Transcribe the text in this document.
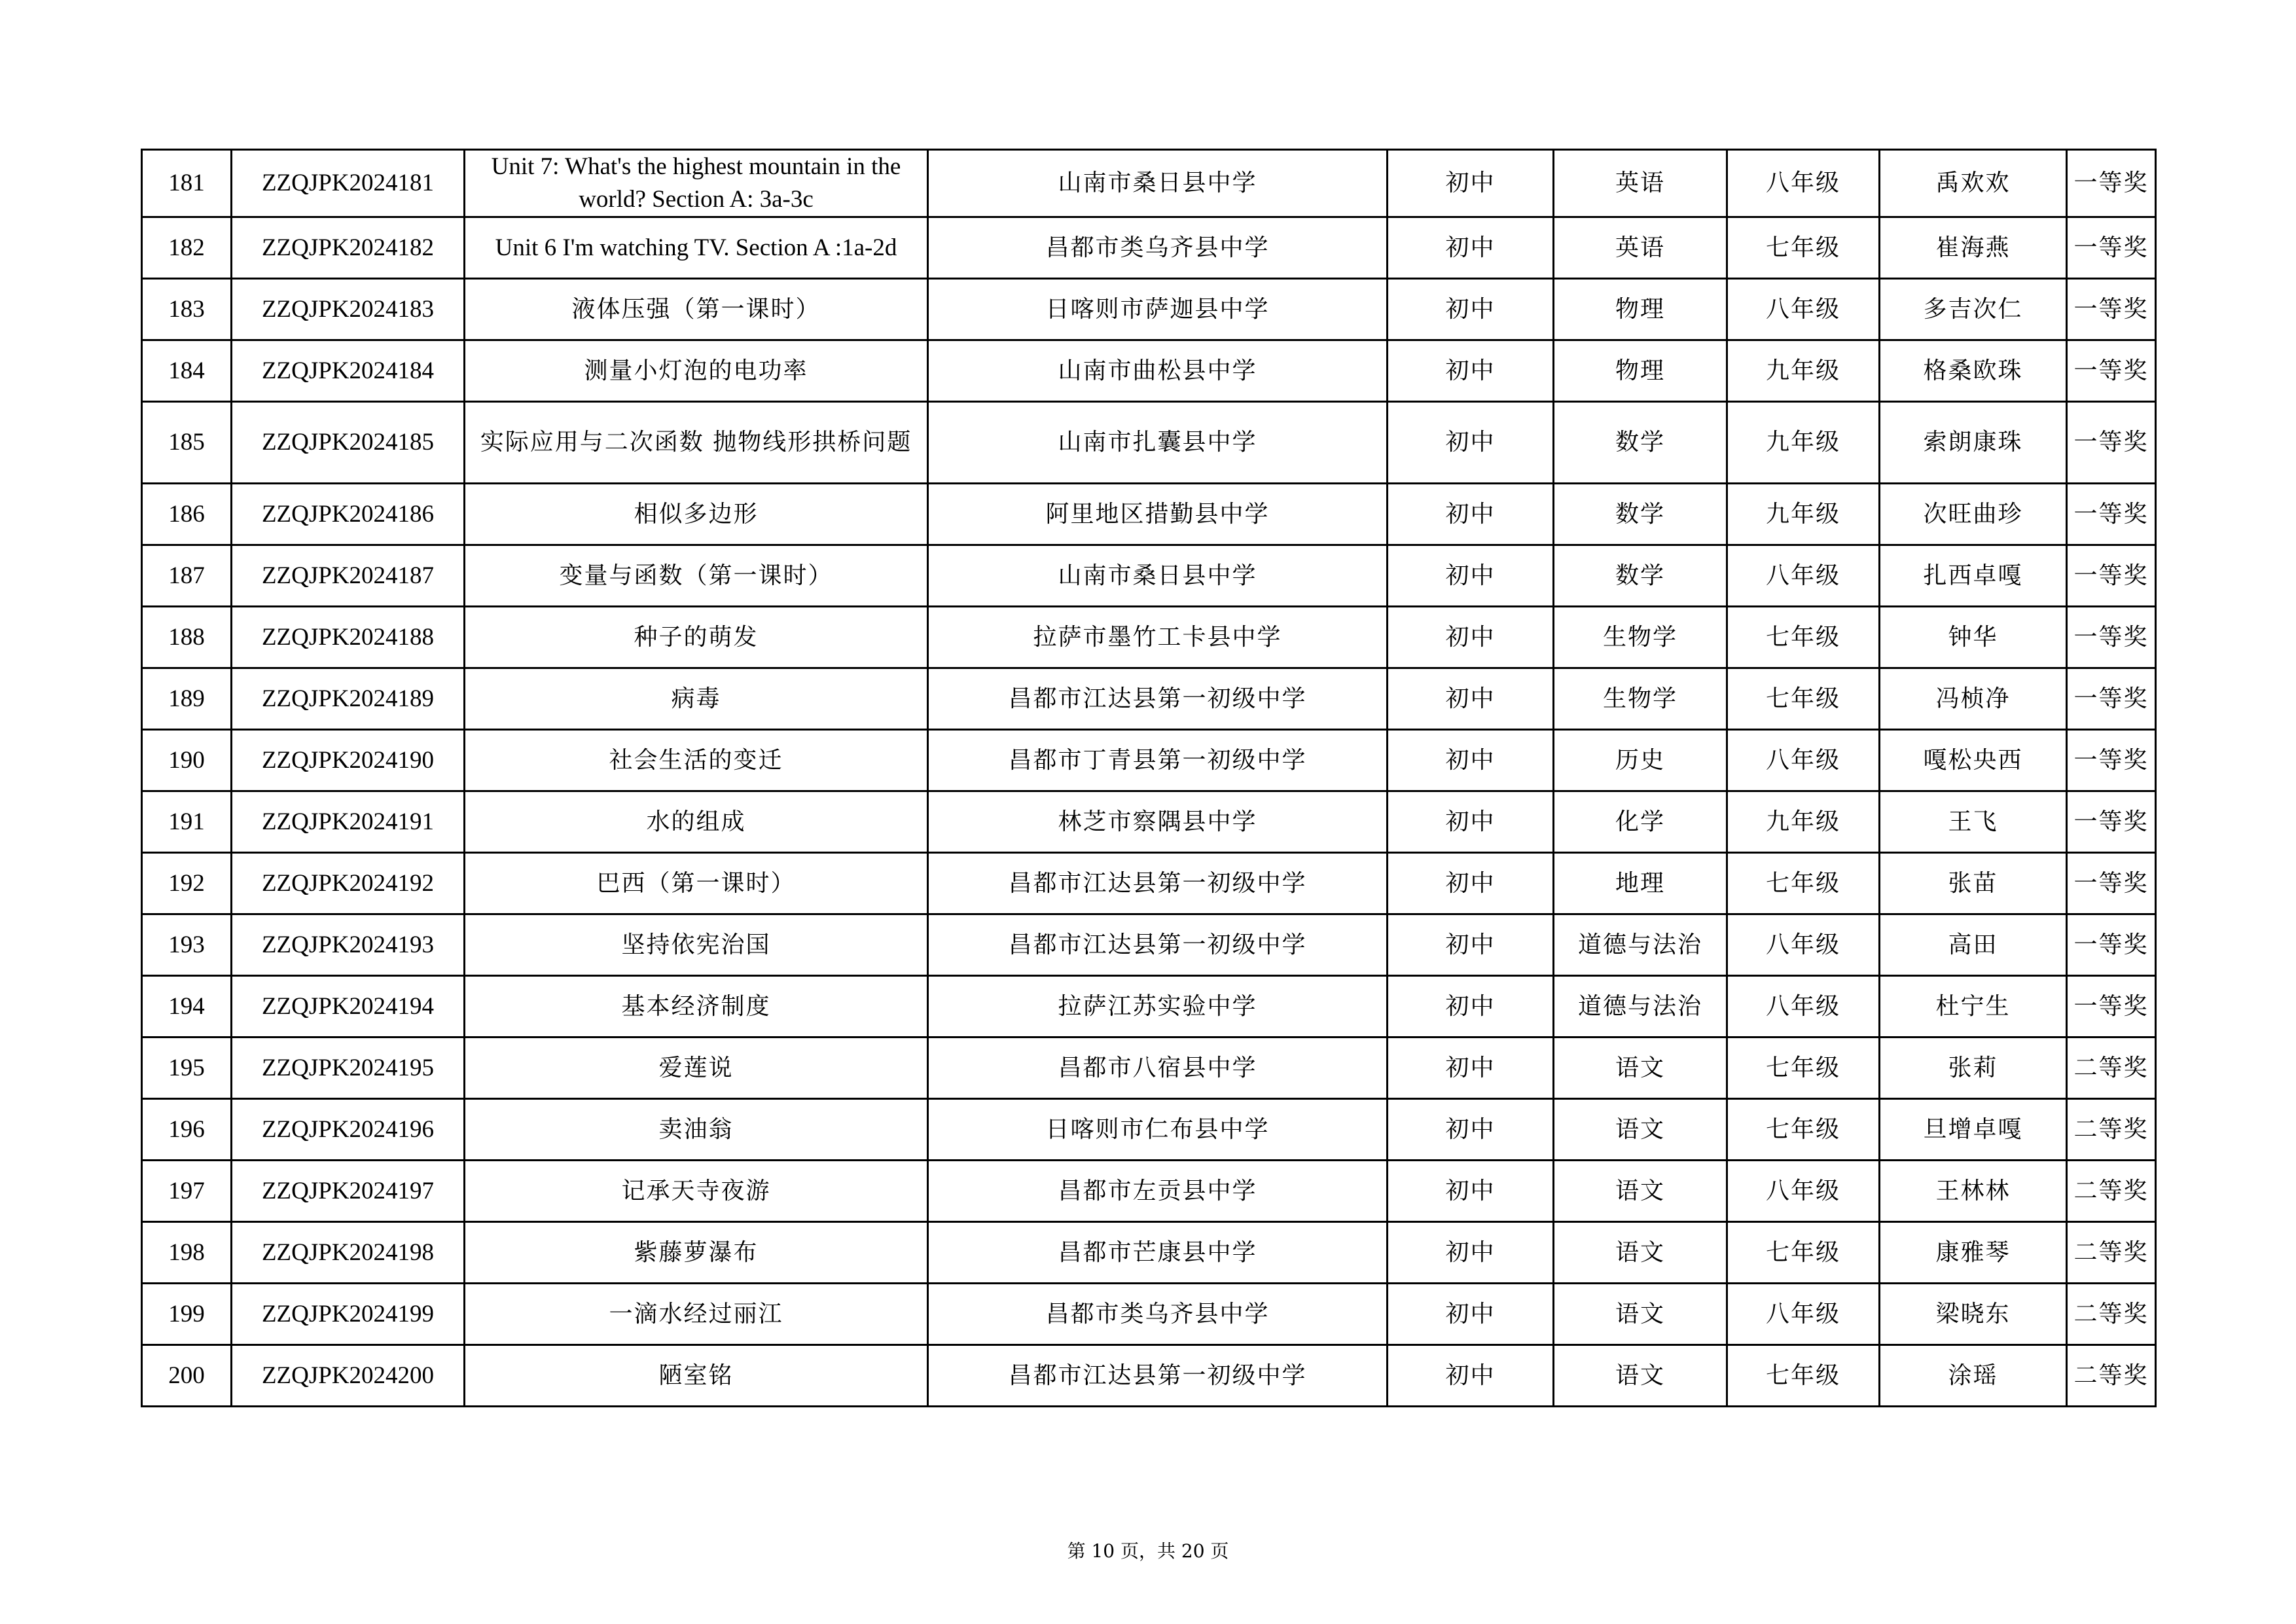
181	ZZQJPK2024181	Unit 7: What's the highest mountain in the world? Section A: 3a-3c	山南市桑日县中学	初中	英语	八年级	禹欢欢	一等奖
182	ZZQJPK2024182	Unit 6 I'm watching TV. Section A :1a-2d	昌都市类乌齐县中学	初中	英语	七年级	崔海燕	一等奖
183	ZZQJPK2024183	液体压强（第一课时）	日喀则市萨迦县中学	初中	物理	八年级	多吉次仁	一等奖
184	ZZQJPK2024184	测量小灯泡的电功率	山南市曲松县中学	初中	物理	九年级	格桑欧珠	一等奖
185	ZZQJPK2024185	实际应用与二次函数 抛物线形拱桥问题	山南市扎囊县中学	初中	数学	九年级	索朗康珠	一等奖
186	ZZQJPK2024186	相似多边形	阿里地区措勤县中学	初中	数学	九年级	次旺曲珍	一等奖
187	ZZQJPK2024187	变量与函数（第一课时）	山南市桑日县中学	初中	数学	八年级	扎西卓嘎	一等奖
188	ZZQJPK2024188	种子的萌发	拉萨市墨竹工卡县中学	初中	生物学	七年级	钟华	一等奖
189	ZZQJPK2024189	病毒	昌都市江达县第一初级中学	初中	生物学	七年级	冯桢净	一等奖
190	ZZQJPK2024190	社会生活的变迁	昌都市丁青县第一初级中学	初中	历史	八年级	嘎松央西	一等奖
191	ZZQJPK2024191	水的组成	林芝市察隅县中学	初中	化学	九年级	王飞	一等奖
192	ZZQJPK2024192	巴西（第一课时）	昌都市江达县第一初级中学	初中	地理	七年级	张苗	一等奖
193	ZZQJPK2024193	坚持依宪治国	昌都市江达县第一初级中学	初中	道德与法治	八年级	高田	一等奖
194	ZZQJPK2024194	基本经济制度	拉萨江苏实验中学	初中	道德与法治	八年级	杜宁生	一等奖
195	ZZQJPK2024195	爱莲说	昌都市八宿县中学	初中	语文	七年级	张莉	二等奖
196	ZZQJPK2024196	卖油翁	日喀则市仁布县中学	初中	语文	七年级	旦增卓嘎	二等奖
197	ZZQJPK2024197	记承天寺夜游	昌都市左贡县中学	初中	语文	八年级	王林林	二等奖
198	ZZQJPK2024198	紫藤萝瀑布	昌都市芒康县中学	初中	语文	七年级	康雅琴	二等奖
199	ZZQJPK2024199	一滴水经过丽江	昌都市类乌齐县中学	初中	语文	八年级	梁晓东	二等奖
200	ZZQJPK2024200	陋室铭	昌都市江达县第一初级中学	初中	语文	七年级	涂瑶	二等奖
第 10 页，共 20 页
